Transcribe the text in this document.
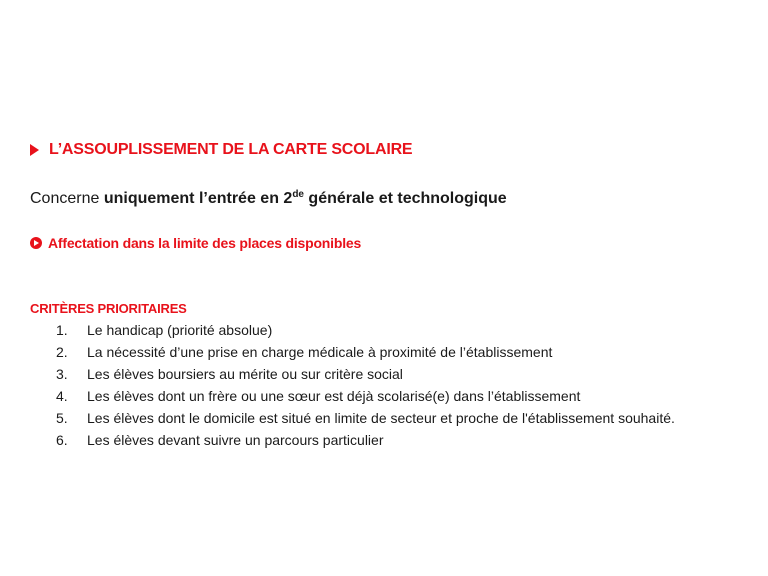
L’ASSOUPLISSEMENT DE LA CARTE SCOLAIRE
Concerne uniquement l’entrée en 2de générale et technologique
Affectation dans la limite des places disponibles
CRITÈRES PRIORITAIRES
1.	Le handicap (priorité absolue)
2.	La nécessité d’une prise en charge médicale à proximité de l’établissement
3.	Les élèves boursiers au mérite ou sur critère social
4.	Les élèves dont un frère ou une sœur est déjà scolarisé(e) dans l’établissement
5.	Les élèves dont le domicile est situé en limite de secteur et proche de l'établissement souhaité.
6.	Les élèves devant suivre un parcours particulier
